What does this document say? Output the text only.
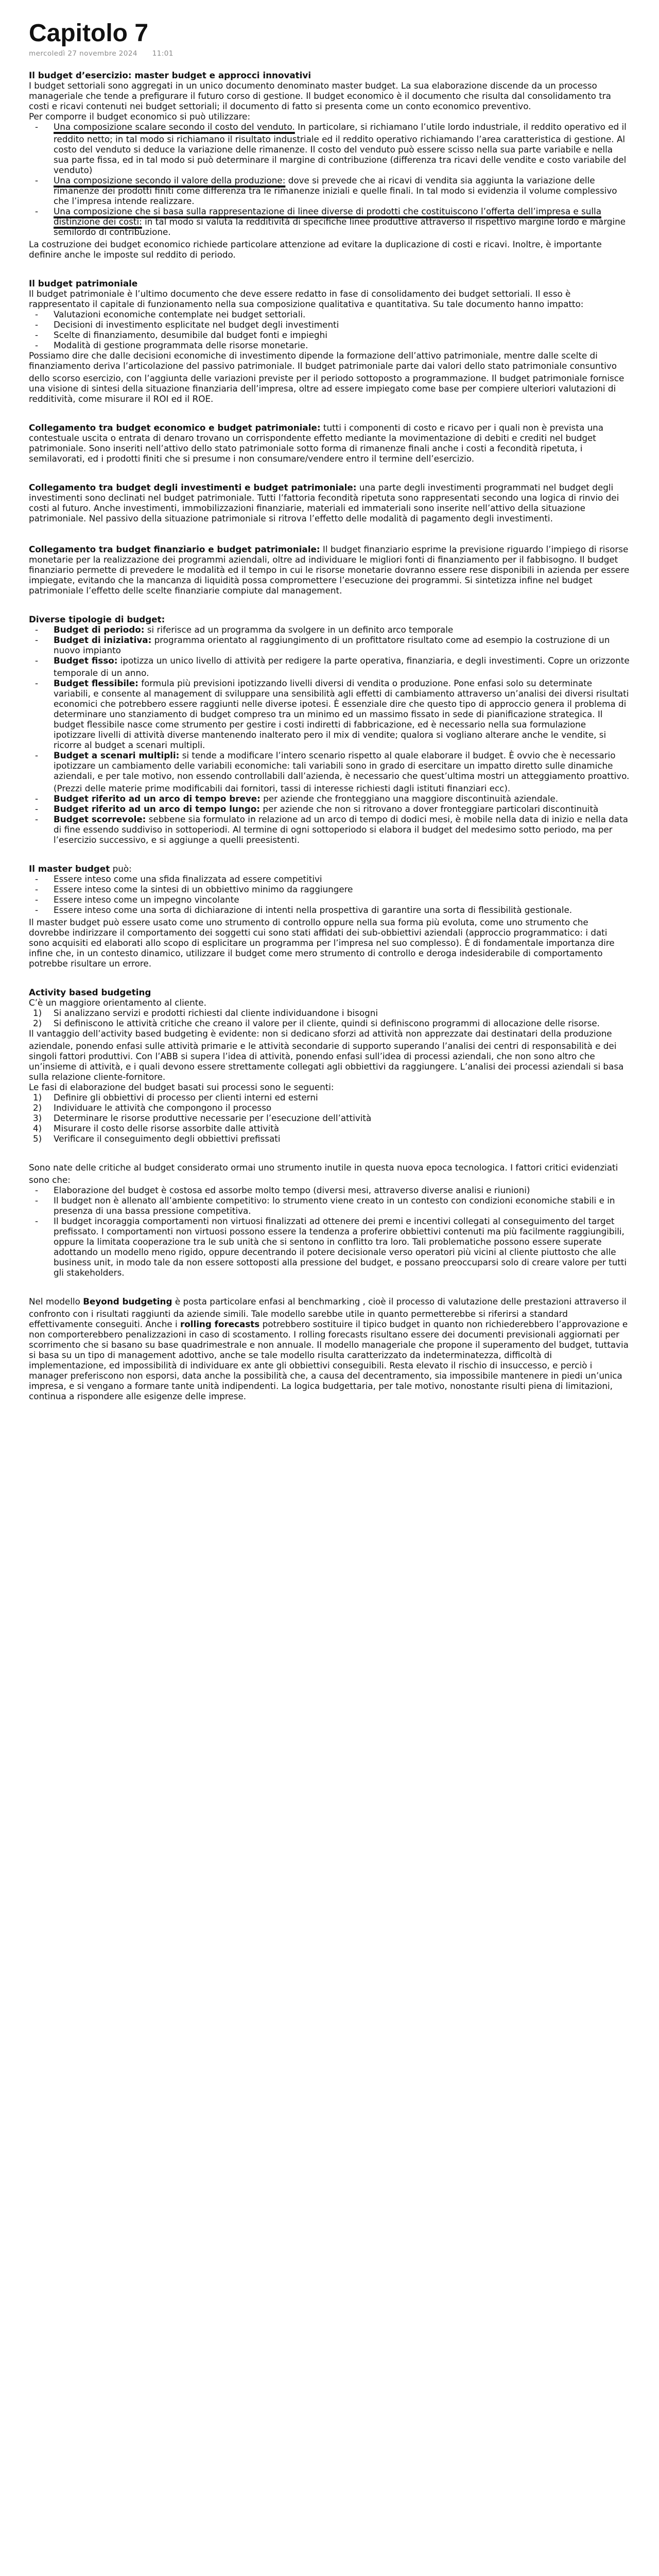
Capitolo 7
mercoledì 27 novembre 2024	11:01

Il budget d’esercizio: master budget e approcci innovativi

I budget settoriali sono aggregati in un unico documento denominato master budget. La sua elaborazione discende da un processo manageriale che tende a prefigurare il futuro corso di gestione. Il budget economico è il documento che risulta dal consolidamento tra costi e ricavi contenuti nei budget settoriali; il documento di fatto si presenta come un conto economico preventivo.

Per comporre il budget economico si può utilizzare:

- Una composizione scalare secondo il costo del venduto. In particolare, si richiamano l’utile lordo industriale, il reddito operativo ed il reddito netto; in tal modo si richiamano il risultato industriale ed il reddito operativo richiamando l’area caratteristica di gestione. Al costo del venduto si deduce la variazione delle rimanenze. Il costo del venduto può essere scisso nella sua parte variabile e nella sua parte fissa, ed in tal modo si può determinare il margine di contribuzione (differenza tra ricavi delle vendite e costo variabile del venduto)
- Una composizione secondo il valore della produzione: dove si prevede che ai ricavi di vendita sia aggiunta la variazione delle rimanenze dei prodotti finiti come differenza tra le rimanenze iniziali e quelle finali. In tal modo si evidenzia il volume complessivo che l’impresa intende realizzare.
- Una composizione che si basa sulla rappresentazione di linee diverse di prodotti che costituiscono l’offerta dell’impresa e sulla distinzione dei costi: in tal modo si valuta la redditività di specifiche linee produttive attraverso il rispettivo margine lordo e margine semilordo di contribuzione.

La costruzione dei budget economico richiede particolare attenzione ad evitare la duplicazione di costi e ricavi. Inoltre, è importante definire anche le imposte sul reddito di periodo.

Il budget patrimoniale

Il budget patrimoniale è l’ultimo documento che deve essere redatto in fase di consolidamento dei budget settoriali. Il esso è rappresentato il capitale di funzionamento nella sua composizione qualitativa e quantitativa. Su tale documento hanno impatto:

- Valutazioni economiche contemplate nei budget settoriali.
- Decisioni di investimento esplicitate nel budget degli investimenti
- Scelte di finanziamento, desumibile dal budget fonti e impieghi
- Modalità di gestione programmata delle risorse monetarie.

Possiamo dire che dalle decisioni economiche di investimento dipende la formazione dell’attivo patrimoniale, mentre dalle scelte di finanziamento deriva l’articolazione del passivo patrimoniale. Il budget patrimoniale parte dai valori dello stato patrimoniale consuntivo dello scorso esercizio, con l’aggiunta delle variazioni previste per il periodo sottoposto a programmazione. Il budget patrimoniale fornisce una visione di sintesi della situazione finanziaria dell’impresa, oltre ad essere impiegato come base per compiere ulteriori valutazioni di redditività, come misurare il ROI ed il ROE.

Collegamento tra budget economico e budget patrimoniale: tutti i componenti di costo e ricavo per i quali non è prevista una contestuale uscita o entrata di denaro trovano un corrispondente effetto mediante la movimentazione di debiti e crediti nel budget patrimoniale. Sono inseriti nell’attivo dello stato patrimoniale sotto forma di rimanenze finali anche i costi a fecondità ripetuta, i semilavorati, ed i prodotti finiti che si presume i non consumare/vendere entro il termine dell’esercizio.

Collegamento tra budget degli investimenti e budget patrimoniale: una parte degli investimenti programmati nel budget degli investimenti sono declinati nel budget patrimoniale. Tutti l’fattoria fecondità ripetuta sono rappresentati secondo una logica di rinvio dei costi al futuro. Anche investimenti, immobilizzazioni finanziarie, materiali ed immateriali sono inserite nell’attivo della situazione patrimoniale. Nel passivo della situazione patrimoniale si ritrova l’effetto delle modalità di pagamento degli investimenti.

Collegamento tra budget finanziario e budget patrimoniale: Il budget finanziario esprime la previsione riguardo l’impiego di risorse monetarie per la realizzazione dei programmi aziendali, oltre ad individuare le migliori fonti di finanziamento per il fabbisogno. Il budget finanziario permette di prevedere le modalità ed il tempo in cui le risorse monetarie dovranno essere rese disponibili in azienda per essere impiegate, evitando che la mancanza di liquidità possa compromettere l’esecuzione dei programmi. Si sintetizza infine nel budget patrimoniale l’effetto delle scelte finanziarie compiute dal management.

Diverse tipologie di budget:

- Budget di periodo: si riferisce ad un programma da svolgere in un definito arco temporale
- Budget di iniziativa: programma orientato al raggiungimento di un profittatore risultato come ad esempio la costruzione di un nuovo impianto
- Budget fisso: ipotizza un unico livello di attività per redigere la parte operativa, finanziaria, e degli investimenti. Copre un orizzonte temporale di un anno.
- Budget flessibile: formula più previsioni ipotizzando livelli diversi di vendita o produzione. Pone enfasi solo su determinate variabili, e consente al management di sviluppare una sensibilità agli effetti di cambiamento attraverso un’analisi dei diversi risultati economici che potrebbero essere raggiunti nelle diverse ipotesi. È essenziale dire che questo tipo di approccio genera il problema di determinare uno stanziamento di budget compreso tra un minimo ed un massimo fissato in sede di pianificazione strategica. Il budget flessibile nasce come strumento per gestire i costi indiretti di fabbricazione, ed è necessario nella sua formulazione ipotizzare livelli di attività diverse mantenendo inalterato pero il mix di vendite; qualora si vogliano alterare anche le vendite, si ricorre al budget a scenari multipli.
- Budget a scenari multipli: si tende a modificare l’intero scenario rispetto al quale elaborare il budget. È ovvio che è necessario ipotizzare un cambiamento delle variabili economiche: tali variabili sono in grado di esercitare un impatto diretto sulle dinamiche aziendali, e per tale motivo, non essendo controllabili dall’azienda, è necessario che quest’ultima mostri un atteggiamento proattivo. (Prezzi delle materie prime modificabili dai fornitori, tassi di interesse richiesti dagli istituti finanziari ecc).
- Budget riferito ad un arco di tempo breve: per aziende che fronteggiano una maggiore discontinuità aziendale.
- Budget riferito ad un arco di tempo lungo: per aziende che non si ritrovano a dover fronteggiare particolari discontinuità
- Budget scorrevole: sebbene sia formulato in relazione ad un arco di tempo di dodici mesi, è mobile nella data di inizio e nella data di fine essendo suddiviso in sottoperiodi. Al termine di ogni sottoperiodo si elabora il budget del medesimo sotto periodo, ma per l’esercizio successivo, e si aggiunge a quelli preesistenti.

Il master budget può:

- Essere inteso come una sfida finalizzata ad essere competitivi
- Essere inteso come la sintesi di un obbiettivo minimo da raggiungere
- Essere inteso come un impegno vincolante
- Essere inteso come una sorta di dichiarazione di intenti nella prospettiva di garantire una sorta di flessibilità gestionale.

Il master budget può essere usato come uno strumento di controllo oppure nella sua forma più evoluta, come uno strumento che dovrebbe indirizzare il comportamento dei soggetti cui sono stati affidati dei sub-obbiettivi aziendali (approccio programmatico: i dati sono acquisiti ed elaborati allo scopo di esplicitare un programma per l’impresa nel suo complesso). È di fondamentale importanza dire infine che, in un contesto dinamico, utilizzare il budget come mero strumento di controllo e deroga indesiderabile di comportamento potrebbe risultare un errore.

Activity based budgeting

C’è un maggiore orientamento al cliente.

1)	Si analizzano servizi e prodotti richiesti dal cliente individuandone i bisogni
2)	Si definiscono le attività critiche che creano il valore per il cliente, quindi si definiscono programmi di allocazione delle risorse.

Il vantaggio dell’activity based budgeting è evidente: non si dedicano sforzi ad attività non apprezzate dai destinatari della produzione aziendale, ponendo enfasi sulle attività primarie e le attività secondarie di supporto superando l’analisi dei centri di responsabilità e dei singoli fattori produttivi. Con l’ABB si supera l’idea di attività, ponendo enfasi sull’idea di processi aziendali, che non sono altro che un’insieme di attività, e i quali devono essere strettamente collegati agli obbiettivi da raggiungere. L’analisi dei processi aziendali si basa sulla relazione cliente-fornitore.

Le fasi di elaborazione del budget basati sui processi sono le seguenti:

1)	Definire gli obbiettivi di processo per clienti interni ed esterni
2)	Individuare le attività che compongono il processo
3)	Determinare le risorse produttive necessarie per l’esecuzione dell’attività
4)	Misurare il costo delle risorse assorbite dalle attività
5)	Verificare il conseguimento degli obbiettivi prefissati

Sono nate delle critiche al budget considerato ormai uno strumento inutile in questa nuova epoca tecnologica. I fattori critici evidenziati sono che:

- Elaborazione del budget è costosa ed assorbe molto tempo (diversi mesi, attraverso diverse analisi e riunioni)
- Il budget non è allenato all’ambiente competitivo: lo strumento viene creato in un contesto con condizioni economiche stabili e in presenza di una bassa pressione competitiva.
- Il budget incoraggia comportamenti non virtuosi finalizzati ad ottenere dei premi e incentivi collegati al conseguimento del target prefissato. I comportamenti non virtuosi possono essere la tendenza a proferire obbiettivi contenuti ma più facilmente raggiungibili, oppure la limitata cooperazione tra le sub unità che si sentono in conflitto tra loro. Tali problematiche possono essere superate adottando un modello meno rigido, oppure decentrando il potere decisionale verso operatori più vicini al cliente piuttosto che alle business unit, in modo tale da non essere sottoposti alla pressione del budget, e possano preoccuparsi solo di creare valore per tutti gli stakeholders.

Nel modello Beyond budgeting è posta particolare enfasi al benchmarking , cioè il processo di valutazione delle prestazioni attraverso il confronto con i risultati raggiunti da aziende simili. Tale modello sarebbe utile in quanto permetterebbe si riferirsi a standard effettivamente conseguiti. Anche i rolling forecasts potrebbero sostituire il tipico budget in quanto non richiederebbero l’approvazione e non comporterebbero penalizzazioni in caso di scostamento. I rolling forecasts risultano essere dei documenti previsionali aggiornati per scorrimento che si basano su base quadrimestrale e non annuale. Il modello manageriale che propone il superamento del budget, tuttavia si basa su un tipo di management adottivo, anche se tale modello risulta caratterizzato da indeterminatezza, difficoltà di implementazione, ed impossibilità di individuare ex ante gli obbiettivi conseguibili. Resta elevato il rischio di insuccesso, e perciò i manager preferiscono non esporsi, data anche la possibilità che, a causa del decentramento, sia impossibile mantenere in piedi un’unica impresa, e si vengano a formare tante unità indipendenti. La logica budgettaria, per tale motivo, nonostante risulti piena di limitazioni, continua a rispondere alle esigenze delle imprese.
